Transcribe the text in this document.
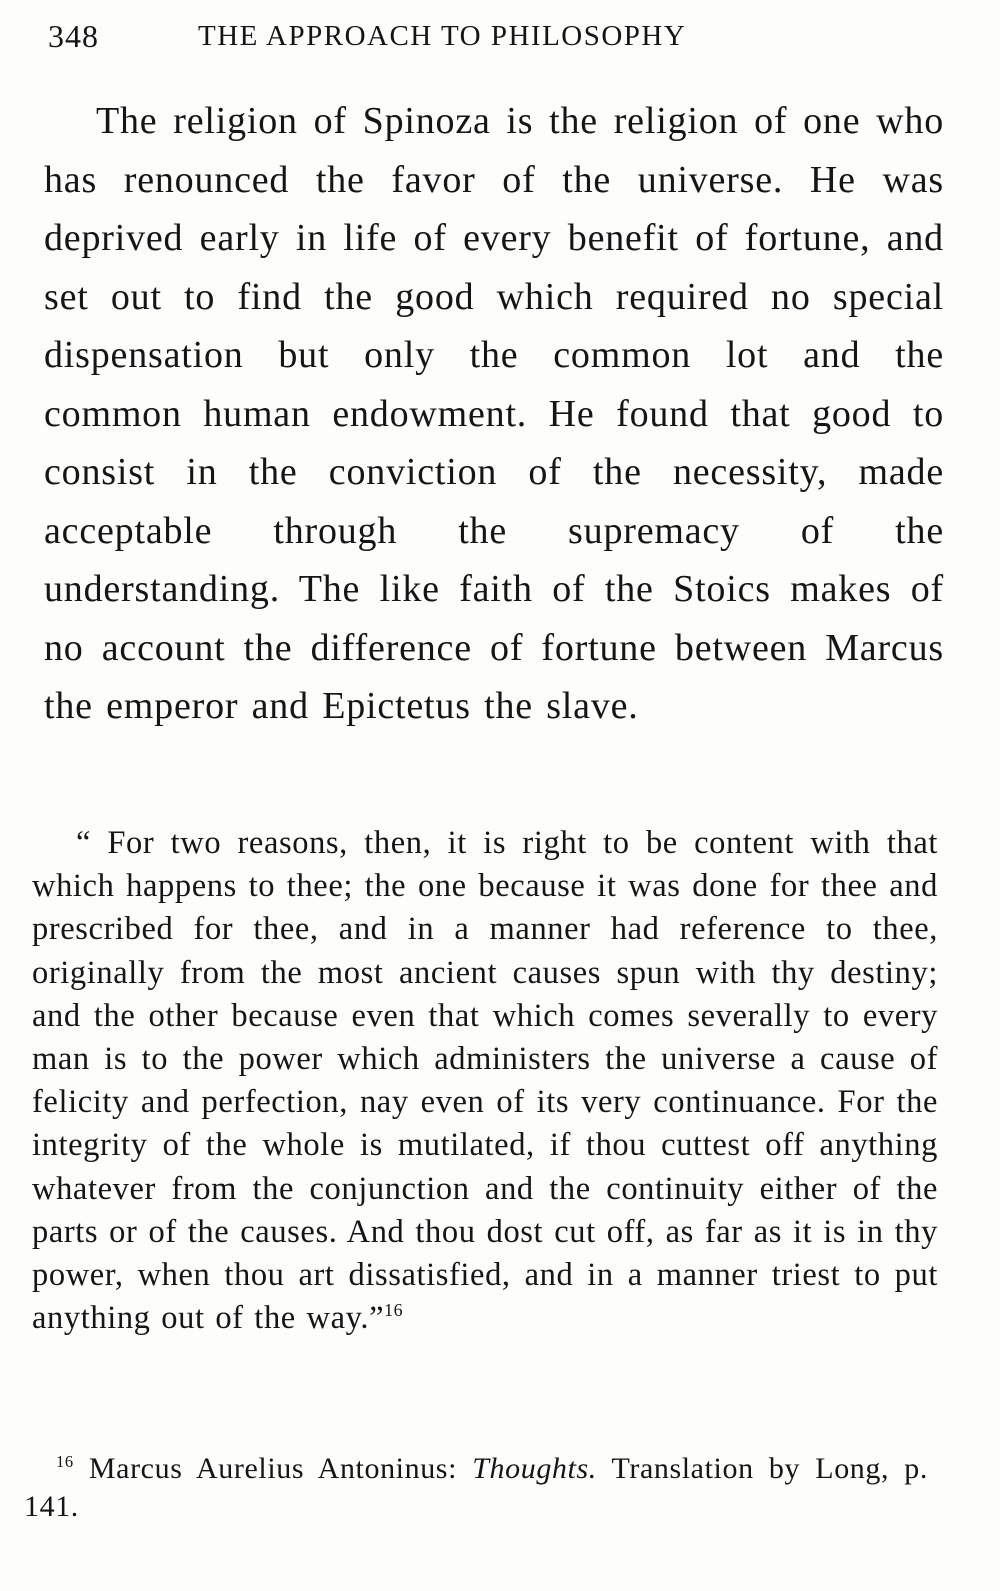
348	THE APPROACH TO PHILOSOPHY

The religion of Spinoza is the religion of one who has renounced the favor of the universe. He was deprived early in life of every benefit of fortune, and set out to find the good which required no special dispensation but only the common lot and the common human endowment. He found that good to consist in the conviction of the necessity, made acceptable through the supremacy of the understanding. The like faith of the Stoics makes of no account the difference of fortune between Marcus the emperor and Epictetus the slave.

“ For two reasons, then, it is right to be content with that which happens to thee; the one because it was done for thee and prescribed for thee, and in a manner had reference to thee, originally from the most ancient causes spun with thy destiny; and the other because even that which comes severally to every man is to the power which administers the universe a cause of felicity and perfection, nay even of its very continuance. For the integrity of the whole is mutilated, if thou cuttest off anything whatever from the conjunction and the continuity either of the parts or of the causes. And thou dost cut off, as far as it is in thy power, when thou art dissatisfied, and in a manner triest to put anything out of the way.”$^{16}$

$^{16}$ Marcus Aurelius Antoninus: Thoughts. Translation by Long, p. 141.
